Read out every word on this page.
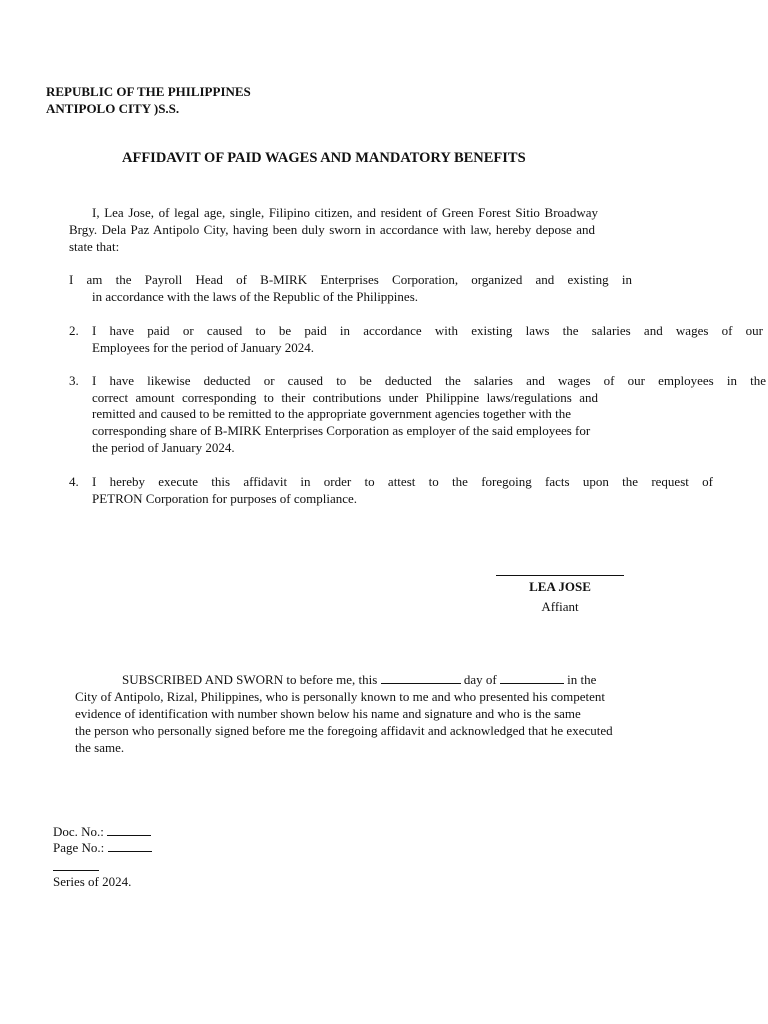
REPUBLIC OF THE PHILIPPINES
ANTIPOLO CITY )S.S.
AFFIDAVIT OF PAID WAGES AND MANDATORY BENEFITS
I, Lea Jose, of legal age, single, Filipino citizen, and resident of Green Forest Sitio Broadway
Brgy. Dela Paz Antipolo City, having been duly sworn in accordance with law, hereby depose and
state that:
I am the Payroll Head of B-MIRK Enterprises Corporation, organized and existing in
in accordance with the laws of the Republic of the Philippines.
2. I have paid or caused to be paid in accordance with existing laws the salaries and wages of our
Employees for the period of January 2024.
3. I have likewise deducted or caused to be deducted the salaries and wages of our employees in the
correct amount corresponding to their contributions under Philippine laws/regulations and
remitted and caused to be remitted to the appropriate government agencies together with the
corresponding share of B-MIRK Enterprises Corporation as employer of the said employees for
the period of January 2024.
4. I hereby execute this affidavit in order to attest to the foregoing facts upon the request of
PETRON Corporation for purposes of compliance.
LEA JOSE
Affiant
SUBSCRIBED AND SWORN to before me, this	day of	in the
City of Antipolo, Rizal, Philippines, who is personally known to me and who presented his competent
evidence of identification with number shown below his name and signature and who is the same
the person who personally signed before me the foregoing affidavit and acknowledged that he executed
the same.
Doc. No.:
Page No.:
Series of 2024.
